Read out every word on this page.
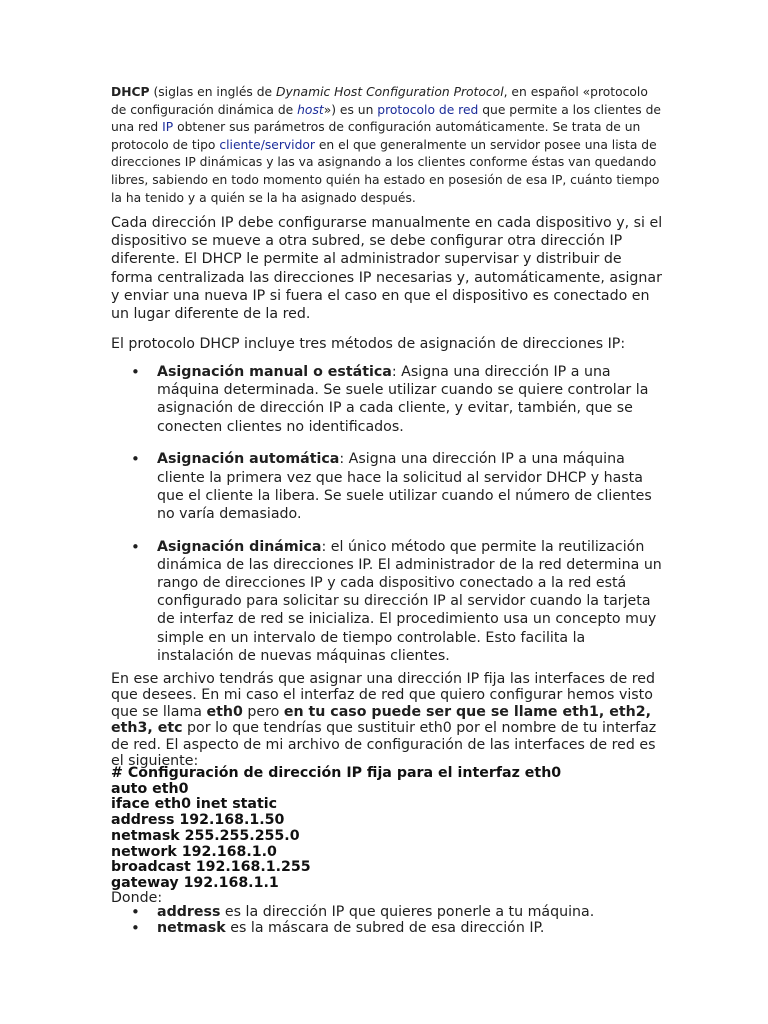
DHCP (siglas en inglés de Dynamic Host Configuration Protocol, en español «protocolo de configuración dinámica de host») es un protocolo de red que permite a los clientes de una red IP obtener sus parámetros de configuración automáticamente. Se trata de un protocolo de tipo cliente/servidor en el que generalmente un servidor posee una lista de direcciones IP dinámicas y las va asignando a los clientes conforme éstas van quedando libres, sabiendo en todo momento quién ha estado en posesión de esa IP, cuánto tiempo la ha tenido y a quién se la ha asignado después.

Cada dirección IP debe configurarse manualmente en cada dispositivo y, si el dispositivo se mueve a otra subred, se debe configurar otra dirección IP diferente. El DHCP le permite al administrador supervisar y distribuir de forma centralizada las direcciones IP necesarias y, automáticamente, asignar y enviar una nueva IP si fuera el caso en que el dispositivo es conectado en un lugar diferente de la red.

El protocolo DHCP incluye tres métodos de asignación de direcciones IP:

• Asignación manual o estática: Asigna una dirección IP a una máquina determinada. Se suele utilizar cuando se quiere controlar la asignación de dirección IP a cada cliente, y evitar, también, que se conecten clientes no identificados.
• Asignación automática: Asigna una dirección IP a una máquina cliente la primera vez que hace la solicitud al servidor DHCP y hasta que el cliente la libera. Se suele utilizar cuando el número de clientes no varía demasiado.
• Asignación dinámica: el único método que permite la reutilización dinámica de las direcciones IP. El administrador de la red determina un rango de direcciones IP y cada dispositivo conectado a la red está configurado para solicitar su dirección IP al servidor cuando la tarjeta de interfaz de red se inicializa. El procedimiento usa un concepto muy simple en un intervalo de tiempo controlable. Esto facilita la instalación de nuevas máquinas clientes.

En ese archivo tendrás que asignar una dirección IP fija las interfaces de red que desees. En mi caso el interfaz de red que quiero configurar hemos visto que se llama eth0 pero en tu caso puede ser que se llame eth1, eth2, eth3, etc por lo que tendrías que sustituir eth0 por el nombre de tu interfaz de red. El aspecto de mi archivo de configuración de las interfaces de red es el siguiente:

# Configuración de dirección IP fija para el interfaz eth0
auto eth0
iface eth0 inet static
address 192.168.1.50
netmask 255.255.255.0
network 192.168.1.0
broadcast 192.168.1.255
gateway 192.168.1.1
Donde:
• address es la dirección IP que quieres ponerle a tu máquina.
• netmask es la máscara de subred de esa dirección IP.
